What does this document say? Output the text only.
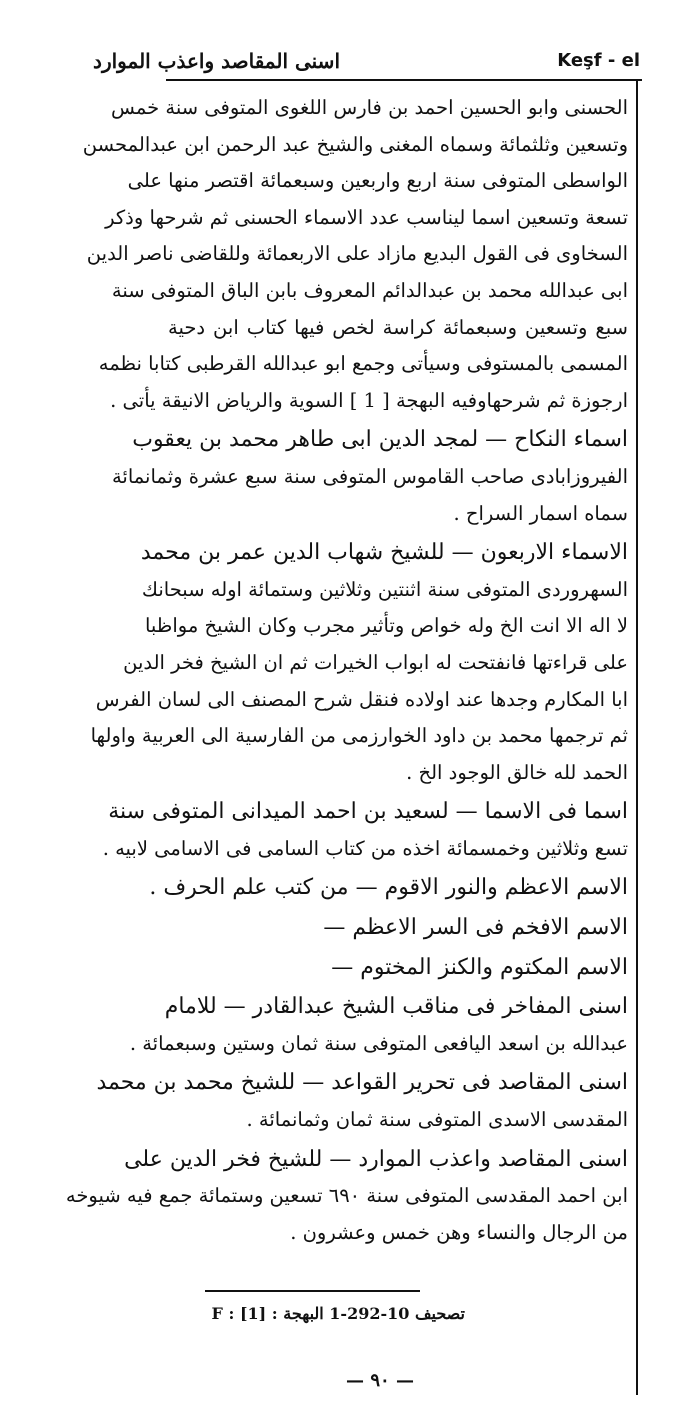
اسنى المقاصد واعذب الموارد	Keşf - el
الحسنى وابو الحسين احمد بن فارس اللغوى المتوفى سنة خمس
وتسعين وثلثمائة وسماه المغنى والشيخ عبد الرحمن ابن عبدالمحسن
الواسطى المتوفى سنة اربع واربعين وسبعمائة اقتصر منها على
تسعة وتسعين اسما ليناسب عدد الاسماء الحسنى ثم شرحها وذكر
السخاوى فى القول البديع مازاد على الاربعمائة وللقاضى ناصر الدين
ابى عبدالله محمد بن عبدالدائم المعروف بابن الباق المتوفى سنة
سبع وتسعين وسبعمائة كراسة لخص فيها كتاب ابن دحية
المسمى بالمستوفى وسيأتى وجمع ابو عبدالله القرطبى كتابا نظمه
ارجوزة ثم شرحهاوفيه البهجة [ 1 ] السوية والرياض الانيقة يأتى .
اسماء النكاح — لمجد الدين ابى طاهر محمد بن يعقوب
الفيروزابادى صاحب القاموس المتوفى سنة سبع عشرة وثمانمائة
سماه اسمار السراح .
الاسماء الاربعون — للشيخ شهاب الدين عمر بن محمد
السهروردى المتوفى سنة اثنتين وثلاثين وستمائة اوله سبحانك
لا اله الا انت الخ وله خواص وتأثير مجرب وكان الشيخ مواظبا
على قراءتها فانفتحت له ابواب الخيرات ثم ان الشيخ فخر الدين
ابا المكارم وجدها عند اولاده فنقل شرح المصنف الى لسان الفرس
ثم ترجمها محمد بن داود الخوارزمى من الفارسية الى العربية واولها
الحمد لله خالق الوجود الخ .
اسما فى الاسما — لسعيد بن احمد الميدانى المتوفى سنة
تسع وثلاثين وخمسمائة اخذه من كتاب السامى فى الاسامى لابيه .
الاسم الاعظم والنور الاقوم — من كتب علم الحرف .
الاسم الافخم فى السر الاعظم —
الاسم المكتوم والكنز المختوم —
اسنى المفاخر فى مناقب الشيخ عبدالقادر — للامام
عبدالله بن اسعد اليافعى المتوفى سنة ثمان وستين وسبعمائة .
اسنى المقاصد فى تحرير القواعد — للشيخ محمد بن محمد
المقدسى الاسدى المتوفى سنة ثمان وثمانمائة .
اسنى المقاصد واعذب الموارد — للشيخ فخر الدين على
ابن احمد المقدسى المتوفى سنة ٦٩٠ تسعين وستمائة جمع فيه شيوخه
من الرجال والنساء وهن خمس وعشرون .
تصحيف 10-292-1 البهجة : F : [1]
— ٩٠ —
